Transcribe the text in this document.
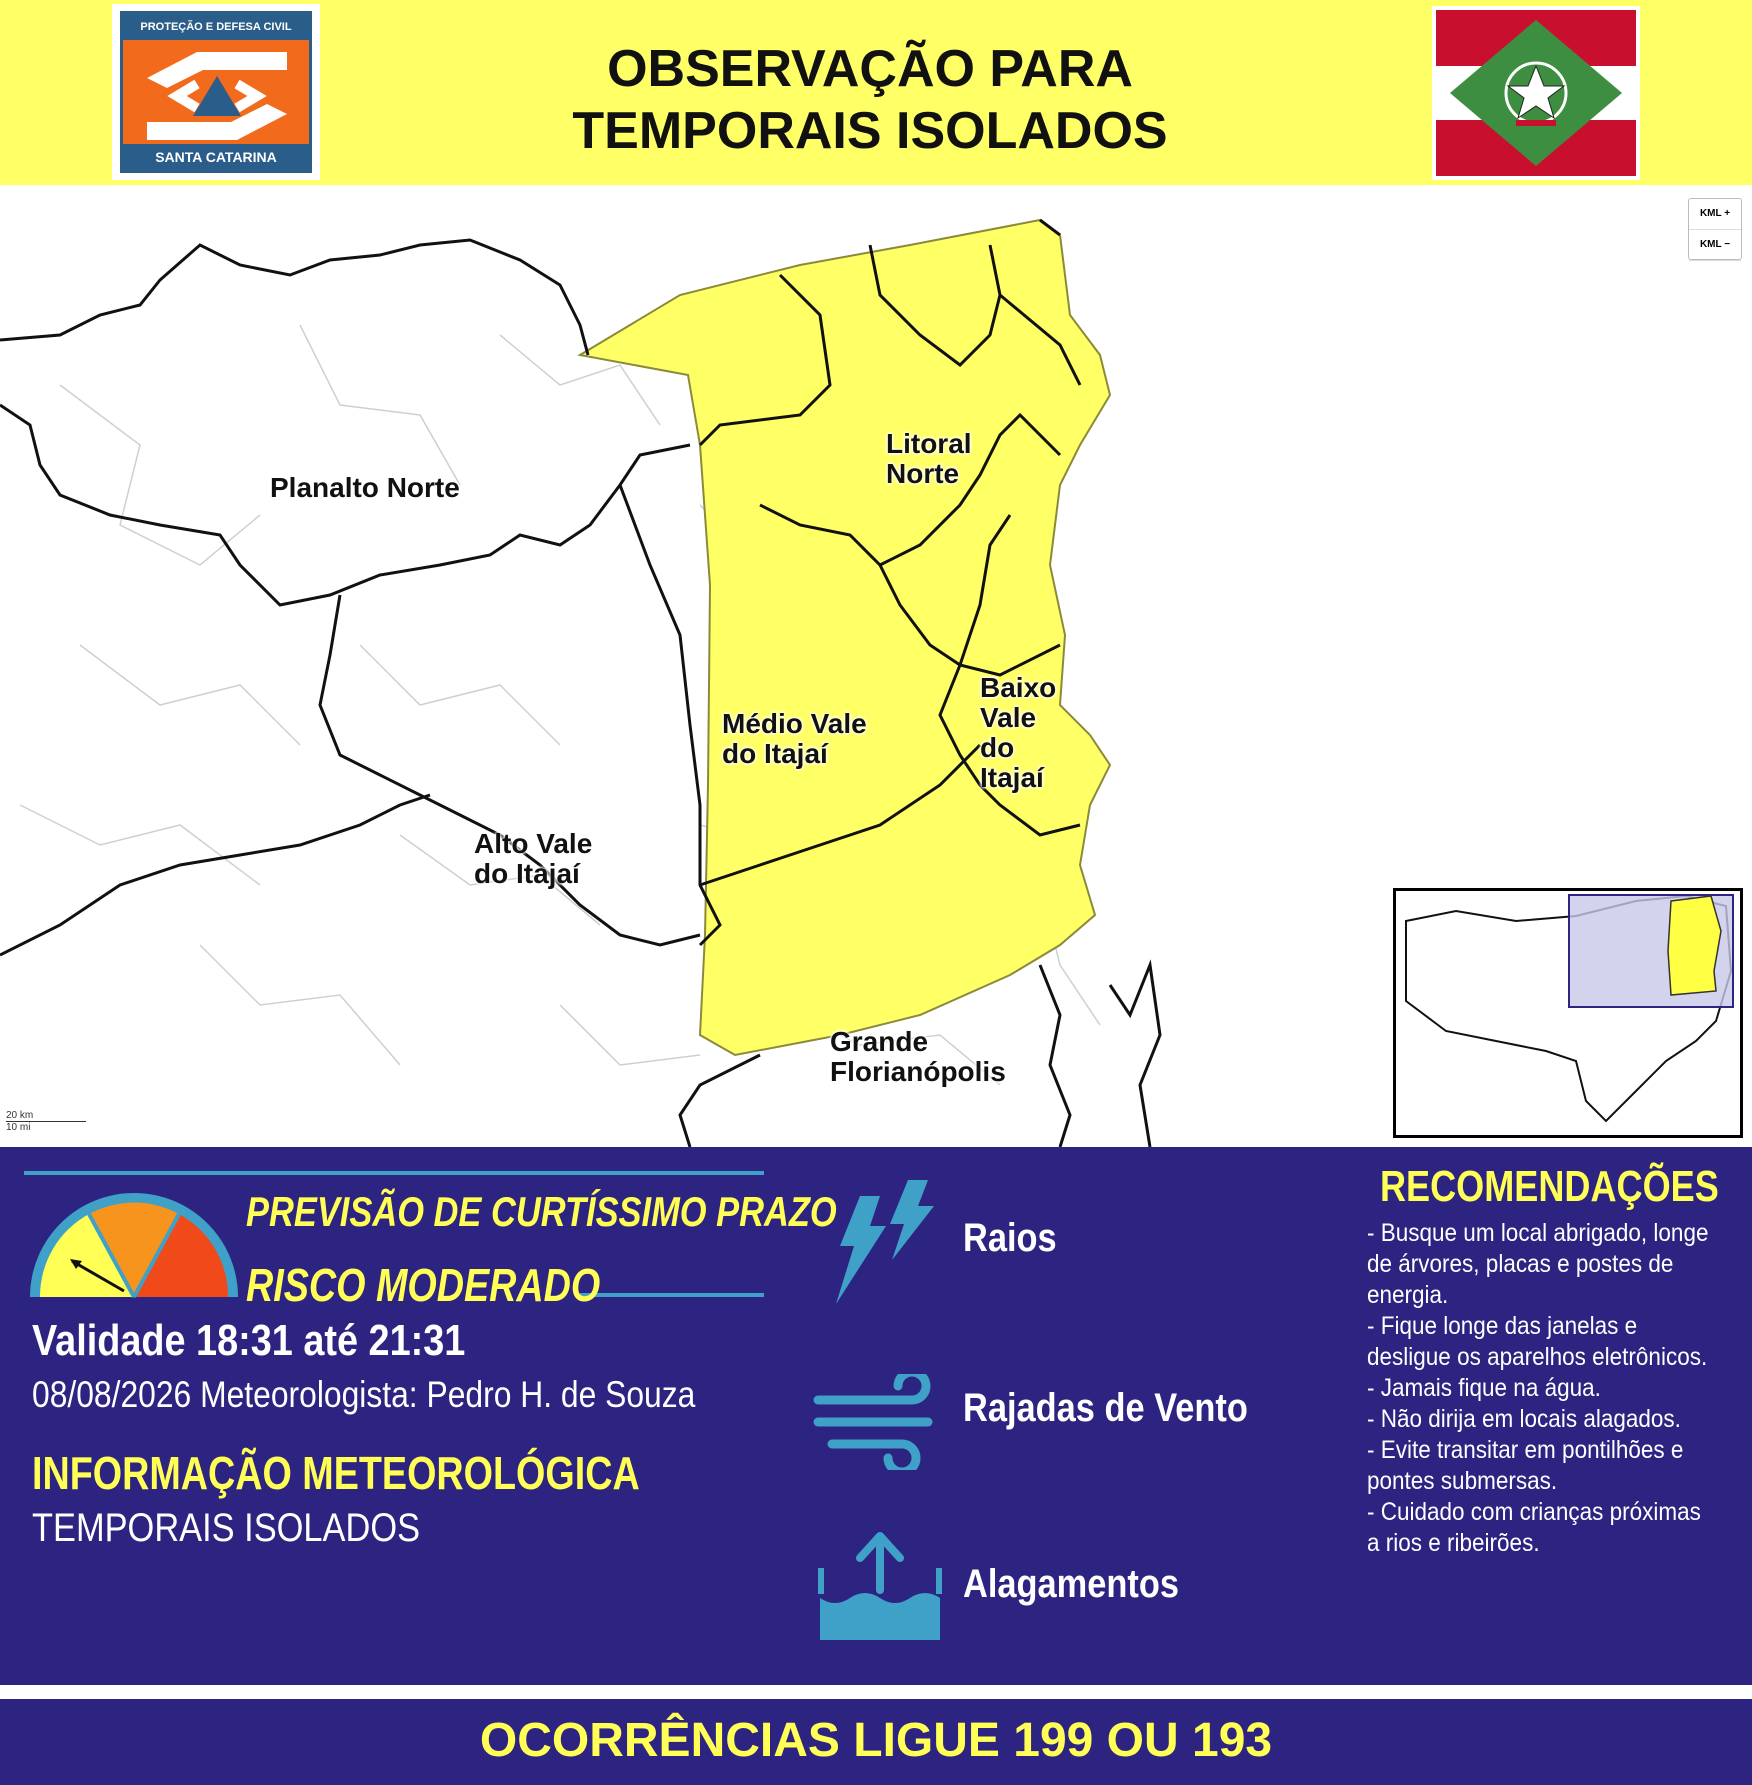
PROTEÇÃO E DEFESA CIVIL
SANTA CATARINA
OBSERVAÇÃO PARA
TEMPORAIS ISOLADOS
Planalto Norte
Litoral
Norte
Médio Vale
do Itajaí
Baixo
Vale
do
Itajaí
Alto Vale
do Itajaí
Grande
Florianópolis
KML +
KML −
20 km
10 mi
PREVISÃO DE CURTÍSSIMO PRAZO
RISCO MODERADO
Validade 18:31 até 21:31
08/08/2026 Meteorologista: Pedro H. de Souza
INFORMAÇÃO METEOROLÓGICA
TEMPORAIS ISOLADOS
Raios
Rajadas de Vento
Alagamentos
RECOMENDAÇÕES
- Busque um local abrigado, longe de árvores, placas e postes de energia.
- Fique longe das janelas e desligue os aparelhos eletrônicos.
- Jamais fique na água.
- Não dirija em locais alagados.
- Evite transitar em pontilhões e pontes submersas.
- Cuidado com crianças próximas a rios e ribeirões.
OCORRÊNCIAS LIGUE 199 OU 193
